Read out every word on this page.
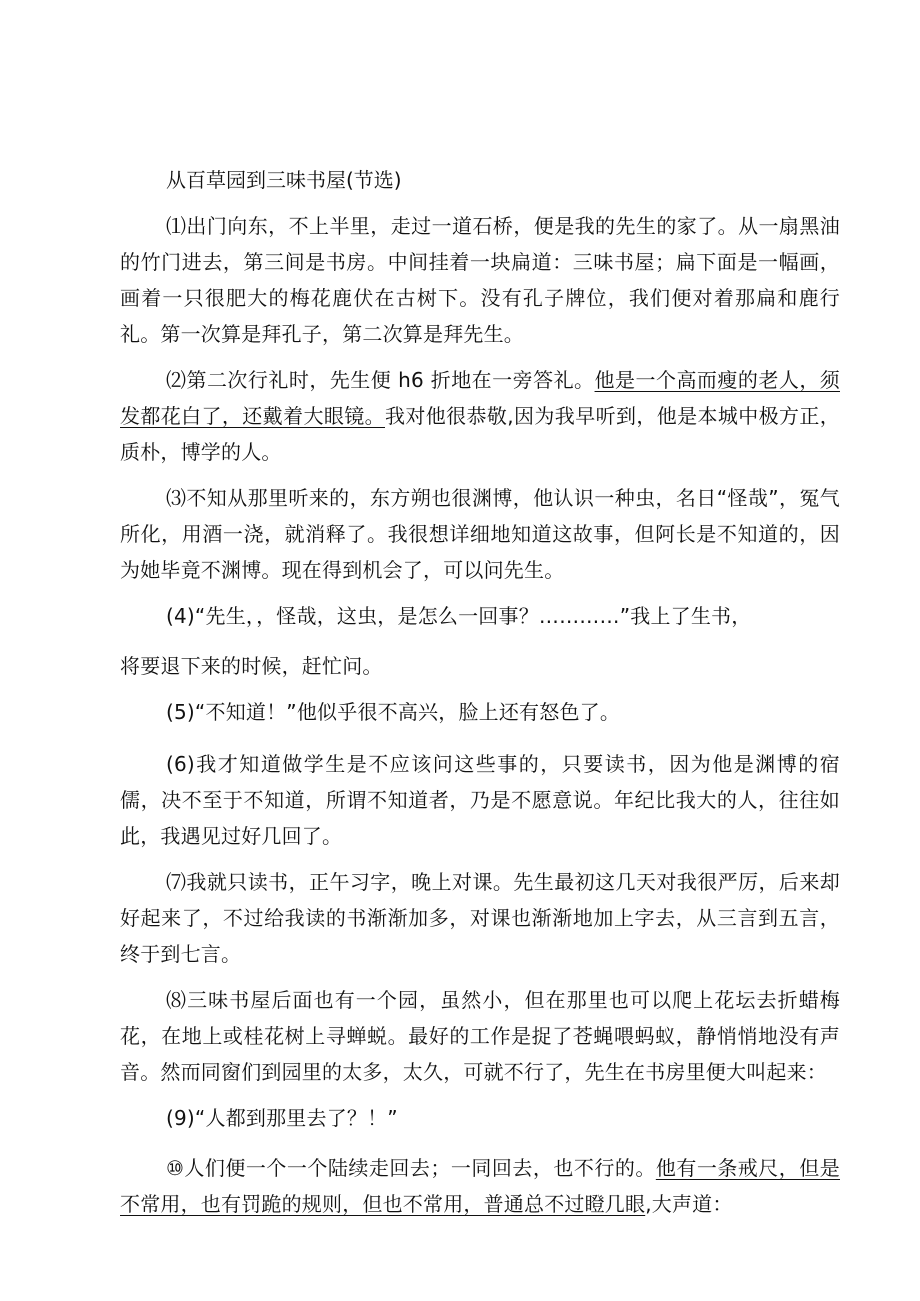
从百草园到三味书屋(节选)

⑴出门向东，不上半里，走过一道石桥，便是我的先生的家了。从一扇黑油的竹门进去，第三间是书房。中间挂着一块扁道：三味书屋；扁下面是一幅画，画着一只很肥大的梅花鹿伏在古树下。没有孔子牌位，我们便对着那扁和鹿行礼。第一次算是拜孔子，第二次算是拜先生。

⑵第二次行礼时，先生便 h6 折地在一旁答礼。他是一个高而瘦的老人，须发都花白了，还戴着大眼镜。我对他很恭敬,因为我早听到，他是本城中极方正，质朴，博学的人。

⑶不知从那里听来的，东方朔也很渊博，他认识一种虫，名日“怪哉”，冤气所化，用酒一浇，就消释了。我很想详细地知道这故事，但阿长是不知道的，因为她毕竟不渊博。现在得到机会了，可以问先生。

(4)“先生，，怪哉，这虫，是怎么一回事？…………”我上了生书，

将要退下来的时候，赶忙问。

(5)“不知道！”他似乎很不高兴，脸上还有怒色了。

(6)我才知道做学生是不应该问这些事的，只要读书，因为他是渊博的宿儒，决不至于不知道，所谓不知道者，乃是不愿意说。年纪比我大的人，往往如此，我遇见过好几回了。

⑺我就只读书，正午习字，晚上对课。先生最初这几天对我很严厉，后来却好起来了，不过给我读的书渐渐加多，对课也渐渐地加上字去，从三言到五言，终于到七言。

⑻三味书屋后面也有一个园，虽然小，但在那里也可以爬上花坛去折蜡梅花，在地上或桂花树上寻蝉蜕。最好的工作是捉了苍蝇喂蚂蚁，静悄悄地没有声音。然而同窗们到园里的太多，太久，可就不行了，先生在书房里便大叫起来：

(9)“人都到那里去了？！”

⑩人们便一个一个陆续走回去；一同回去，也不行的。他有一条戒尺，但是不常用，也有罚跪的规则，但也不常用，普通总不过瞪几眼,大声道：
